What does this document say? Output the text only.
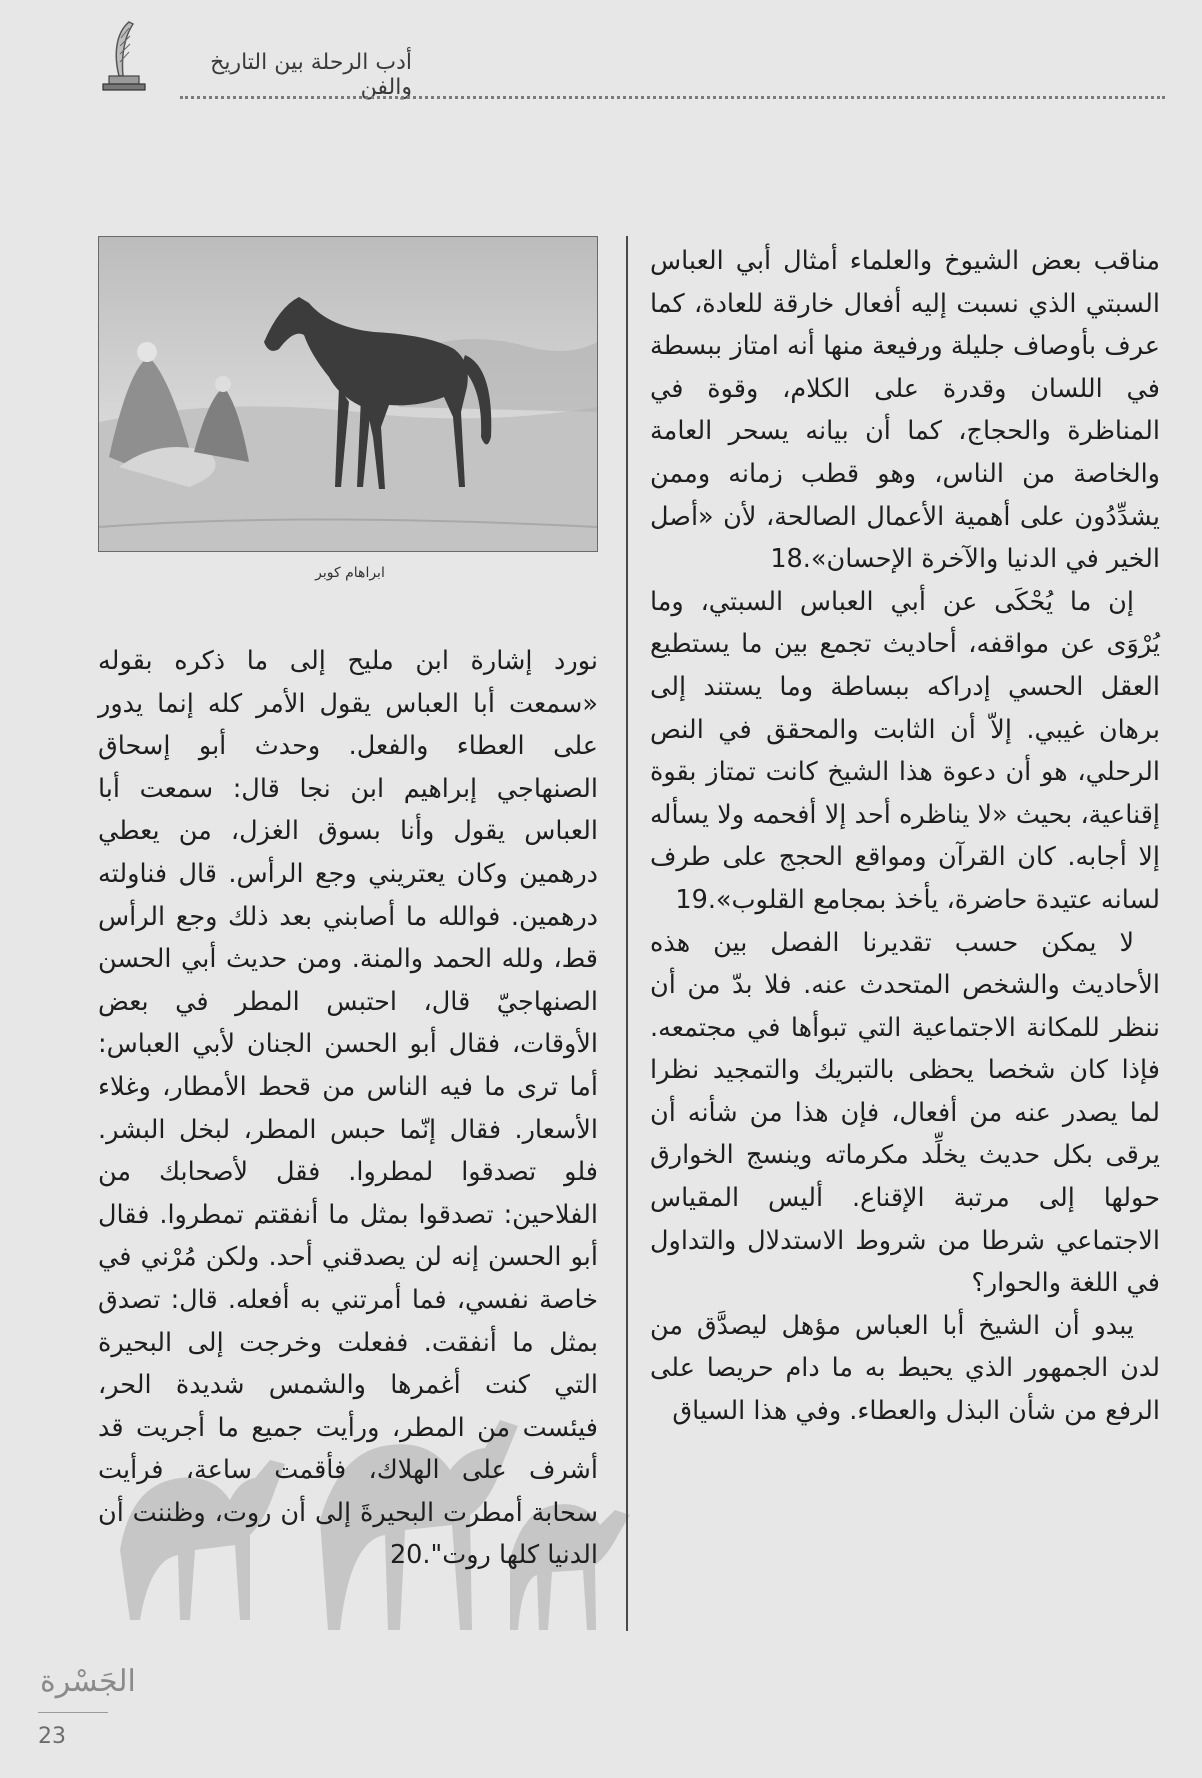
أدب الرحلة بين التاريخ والفن
ابراهام كوبر

مناقب بعض الشيوخ والعلماء أمثال أبي العباس السبتي الذي نسبت إليه أفعال خارقة للعادة، كما عرف بأوصاف جليلة ورفيعة منها أنه امتاز ببسطة في اللسان وقدرة على الكلام، وقوة في المناظرة والحجاج، كما أن بيانه يسحر العامة والخاصة من الناس، وهو قطب زمانه وممن يشدِّدُون على أهمية الأعمال الصالحة، لأن «أصل الخير في الدنيا والآخرة الإحسان».18

إن ما يُحْكَى عن أبي العباس السبتي، وما يُرْوَى عن مواقفه، أحاديث تجمع بين ما يستطيع العقل الحسي إدراكه ببساطة وما يستند إلى برهان غيبي. إلاّ أن الثابت والمحقق في النص الرحلي، هو أن دعوة هذا الشيخ كانت تمتاز بقوة إقناعية، بحيث «لا يناظره أحد إلا أفحمه ولا يسأله إلا أجابه. كان القرآن ومواقع الحجج على طرف لسانه عتيدة حاضرة، يأخذ بمجامع القلوب».19

لا يمكن حسب تقديرنا الفصل بين هذه الأحاديث والشخص المتحدث عنه. فلا بدّ من أن ننظر للمكانة الاجتماعية التي تبوأها في مجتمعه. فإذا كان شخصا يحظى بالتبريك والتمجيد نظرا لما يصدر عنه من أفعال، فإن هذا من شأنه أن يرقى بكل حديث يخلِّد مكرماته وينسج الخوارق حولها إلى مرتبة الإقناع. أليس المقياس الاجتماعي شرطا من شروط الاستدلال والتداول في اللغة والحوار؟

يبدو أن الشيخ أبا العباس مؤهل ليصدَّق من لدن الجمهور الذي يحيط به ما دام حريصا على الرفع من شأن البذل والعطاء. وفي هذا السياق

نورد إشارة ابن مليح إلى ما ذكره بقوله «سمعت أبا العباس يقول الأمر كله إنما يدور على العطاء والفعل. وحدث أبو إسحاق الصنهاجي إبراهيم ابن نجا قال: سمعت أبا العباس يقول وأنا بسوق الغزل، من يعطي درهمين وكان يعتريني وجع الرأس. قال فناولته درهمين. فوالله ما أصابني بعد ذلك وجع الرأس قط، ولله الحمد والمنة. ومن حديث أبي الحسن الصنهاجيّ قال، احتبس المطر في بعض الأوقات، فقال أبو الحسن الجنان لأبي العباس: أما ترى ما فيه الناس من قحط الأمطار، وغلاء الأسعار. فقال إنّما حبس المطر، لبخل البشر. فلو تصدقوا لمطروا. فقل لأصحابك من الفلاحين: تصدقوا بمثل ما أنفقتم تمطروا. فقال أبو الحسن إنه لن يصدقني أحد. ولكن مُرْني في خاصة نفسي، فما أمرتني به أفعله. قال: تصدق بمثل ما أنفقت. ففعلت وخرجت إلى البحيرة التي كنت أغمرها والشمس شديدة الحر، فيئست من المطر، ورأيت جميع ما أجريت قد أشرف على الهلاك، فأقمت ساعة، فرأيت سحابة أمطرت البحيرةَ إلى أن روت، وظننت أن الدنيا كلها روت".20

الجَسْرة
23
